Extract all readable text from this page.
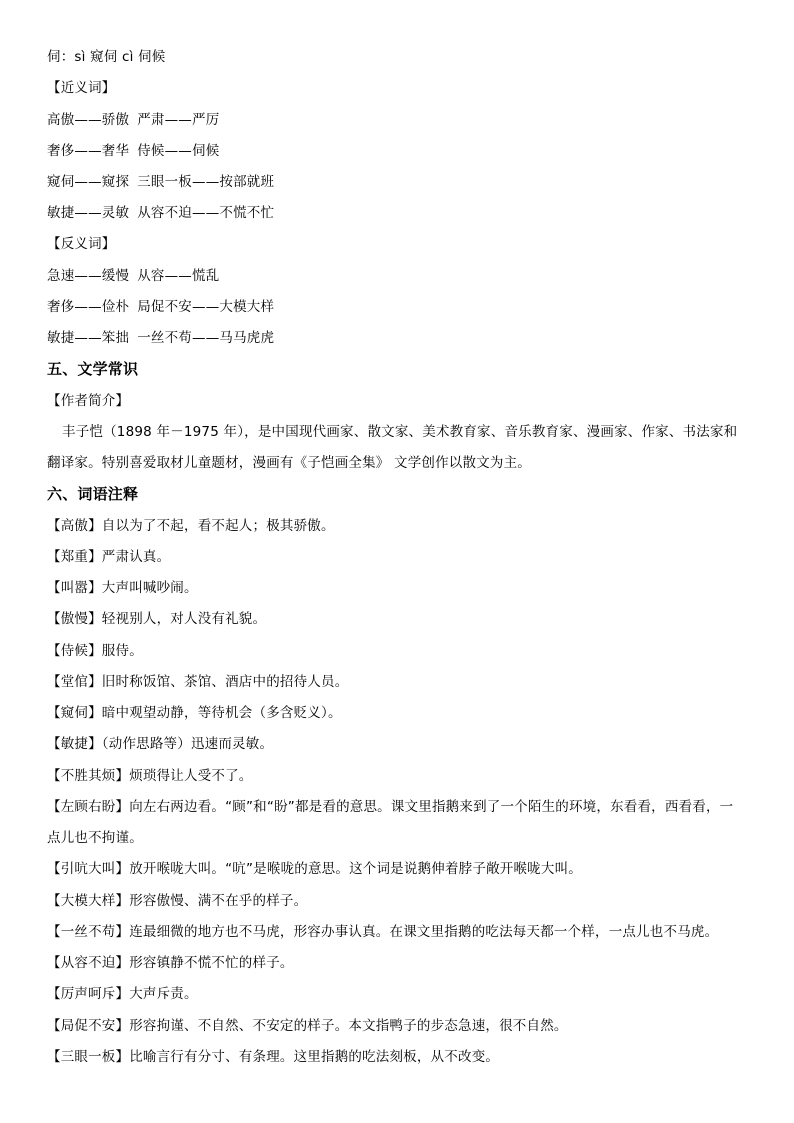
伺：sì 窥伺 cì 伺候
【近义词】
高傲——骄傲 严肃——严厉
奢侈——奢华 侍候——伺候
窥伺——窥探 三眼一板——按部就班
敏捷——灵敏 从容不迫——不慌不忙
【反义词】
急速——缓慢 从容——慌乱
奢侈——俭朴 局促不安——大模大样
敏捷——笨拙 一丝不苟——马马虎虎
五、文学常识
【作者简介】
丰子恺（1898 年－1975 年），是中国现代画家、散文家、美术教育家、音乐教育家、漫画家、作家、书法家和
翻译家。特别喜爱取材儿童题材，漫画有《子恺画全集》 文学创作以散文为主。
六、词语注释
【高傲】自以为了不起，看不起人；极其骄傲。
【郑重】严肃认真。
【叫嚣】大声叫喊吵闹。
【傲慢】轻视别人，对人没有礼貌。
【侍候】服侍。
【堂倌】旧时称饭馆、茶馆、酒店中的招待人员。
【窥伺】暗中观望动静，等待机会（多含贬义）。
【敏捷】（动作思路等）迅速而灵敏。
【不胜其烦】烦琐得让人受不了。
【左顾右盼】向左右两边看。“顾”和“盼”都是看的意思。课文里指鹅来到了一个陌生的环境，东看看，西看看，一
点儿也不拘谨。
【引吭大叫】放开喉咙大叫。“吭”是喉咙的意思。这个词是说鹅伸着脖子敞开喉咙大叫。
【大模大样】形容傲慢、满不在乎的样子。
【一丝不苟】连最细微的地方也不马虎，形容办事认真。在课文里指鹅的吃法每天都一个样，一点儿也不马虎。
【从容不迫】形容镇静不慌不忙的样子。
【厉声呵斥】大声斥责。
【局促不安】形容拘谨、不自然、不安定的样子。本文指鸭子的步态急速，很不自然。
【三眼一板】比喻言行有分寸、有条理。这里指鹅的吃法刻板，从不改变。
